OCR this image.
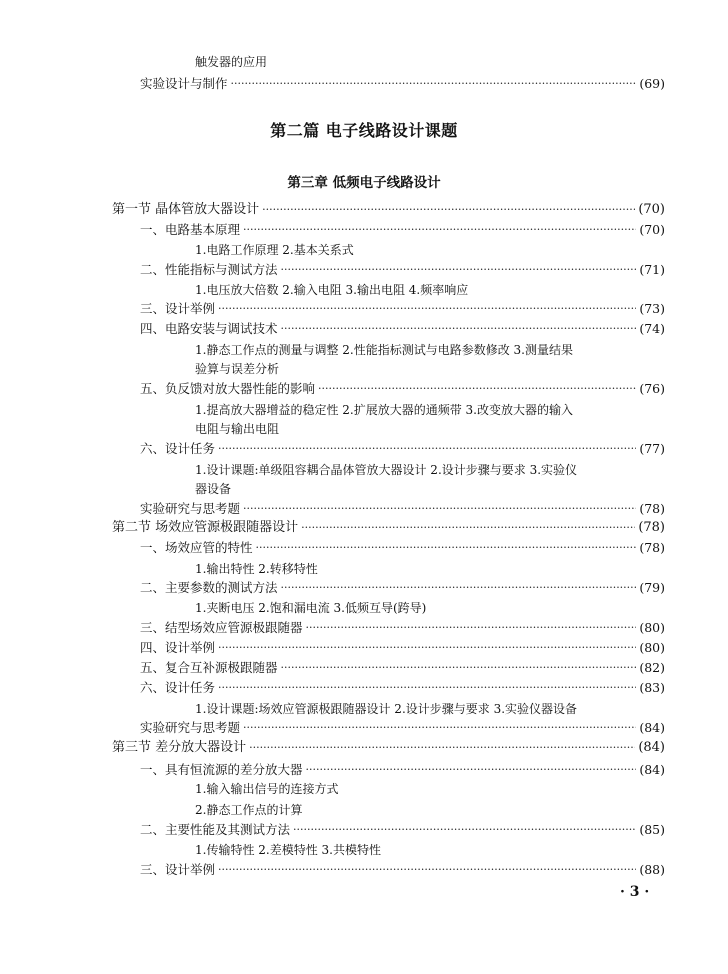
触发器的应用
实验设计与制作 ·····	(69)
第二篇 电子线路设计课题
第三章 低频电子线路设计
第一节 晶体管放大器设计 ·····	(70)
一、电路基本原理 ·····	(70)
1.电路工作原理 2.基本关系式
二、性能指标与测试方法 ·····	(71)
1.电压放大倍数 2.输入电阻 3.输出电阻 4.频率响应
三、设计举例 ·····	(73)
四、电路安装与调试技术 ·····	(74)
1.静态工作点的测量与调整 2.性能指标测试与电路参数修改 3.测量结果
验算与误差分析
五、负反馈对放大器性能的影响 ·····	(76)
1.提高放大器增益的稳定性 2.扩展放大器的通频带 3.改变放大器的输入
电阻与输出电阻
六、设计任务 ·····	(77)
1.设计课题:单级阻容耦合晶体管放大器设计 2.设计步骤与要求 3.实验仪
器设备
实验研究与思考题 ·····	(78)
第二节 场效应管源极跟随器设计 ·····	(78)
一、场效应管的特性 ·····	(78)
1.输出特性 2.转移特性
二、主要参数的测试方法 ·····	(79)
1.夹断电压 2.饱和漏电流 3.低频互导(跨导)
三、结型场效应管源极跟随器 ·····	(80)
四、设计举例 ·····	(80)
五、复合互补源极跟随器 ·····	(82)
六、设计任务 ·····	(83)
1.设计课题:场效应管源极跟随器设计 2.设计步骤与要求 3.实验仪器设备
实验研究与思考题 ·····	(84)
第三节 差分放大器设计 ·····	(84)
一、具有恒流源的差分放大器 ·····	(84)
1.输入输出信号的连接方式
2.静态工作点的计算
二、主要性能及其测试方法 ·····	(85)
1.传输特性 2.差模特性 3.共模特性
三、设计举例 ·····	(88)
· 3 ·
